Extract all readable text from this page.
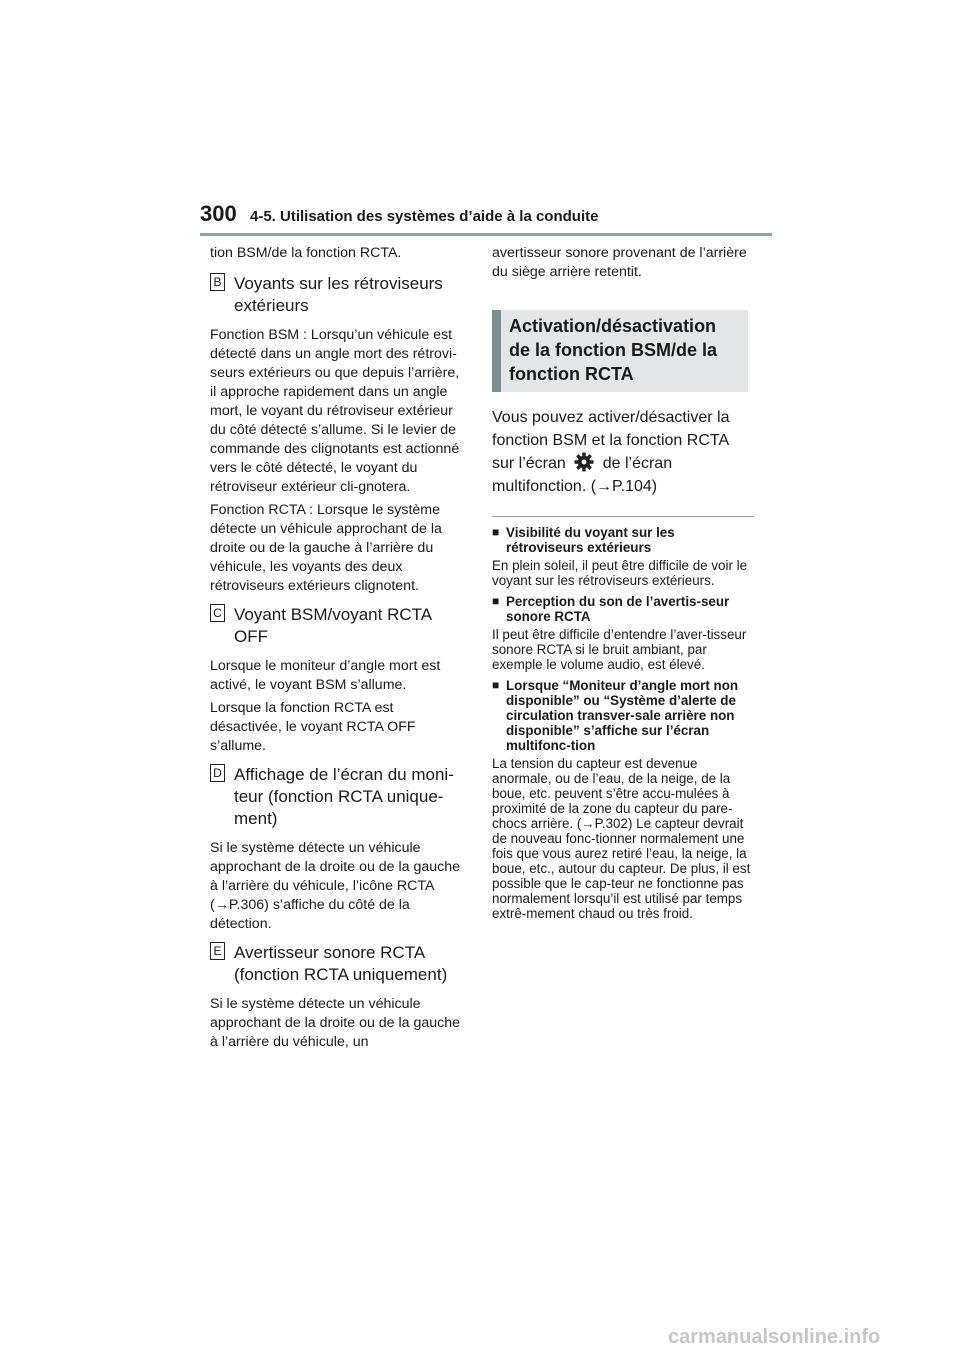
300 4-5. Utilisation des systèmes d’aide à la conduite

tion BSM/de la fonction RCTA.

B Voyants sur les rétroviseurs extérieurs

Fonction BSM : Lorsqu’un véhicule est détecté dans un angle mort des rétrovi-seurs extérieurs ou que depuis l’arrière, il approche rapidement dans un angle mort, le voyant du rétroviseur extérieur du côté détecté s’allume. Si le levier de commande des clignotants est actionné vers le côté détecté, le voyant du rétroviseur extérieur cli-gnotera.

Fonction RCTA : Lorsque le système détecte un véhicule approchant de la droite ou de la gauche à l’arrière du véhicule, les voyants des deux rétroviseurs extérieurs clignotent.

C Voyant BSM/voyant RCTA OFF

Lorsque le moniteur d’angle mort est activé, le voyant BSM s’allume.

Lorsque la fonction RCTA est désactivée, le voyant RCTA OFF s’allume.

D Affichage de l’écran du moni-teur (fonction RCTA unique-ment)

Si le système détecte un véhicule approchant de la droite ou de la gauche à l’arrière du véhicule, l’icône RCTA (→P.306) s’affiche du côté de la détection.

E Avertisseur sonore RCTA (fonction RCTA uniquement)

Si le système détecte un véhicule approchant de la droite ou de la gauche à l’arrière du véhicule, un

avertisseur sonore provenant de l’arrière du siège arrière retentit.

Activation/désactivation de la fonction BSM/de la fonction RCTA

Vous pouvez activer/désactiver la fonction BSM et la fonction RCTA sur l’écran de l’écran multifonction. (→P.104)

■ Visibilité du voyant sur les rétroviseurs extérieurs

En plein soleil, il peut être difficile de voir le voyant sur les rétroviseurs extérieurs.

■ Perception du son de l’avertis-seur sonore RCTA

Il peut être difficile d’entendre l’aver-tisseur sonore RCTA si le bruit ambiant, par exemple le volume audio, est élevé.

■ Lorsque “Moniteur d’angle mort non disponible” ou “Système d’alerte de circulation transver-sale arrière non disponible” s’affiche sur l’écran multifonc-tion

La tension du capteur est devenue anormale, ou de l’eau, de la neige, de la boue, etc. peuvent s’être accu-mulées à proximité de la zone du capteur du pare-chocs arrière. (→P.302) Le capteur devrait de nouveau fonc-tionner normalement une fois que vous aurez retiré l’eau, la neige, la boue, etc., autour du capteur. De plus, il est possible que le cap-teur ne fonctionne pas normalement lorsqu’il est utilisé par temps extrê-mement chaud ou très froid.

carmanualsonline.info
